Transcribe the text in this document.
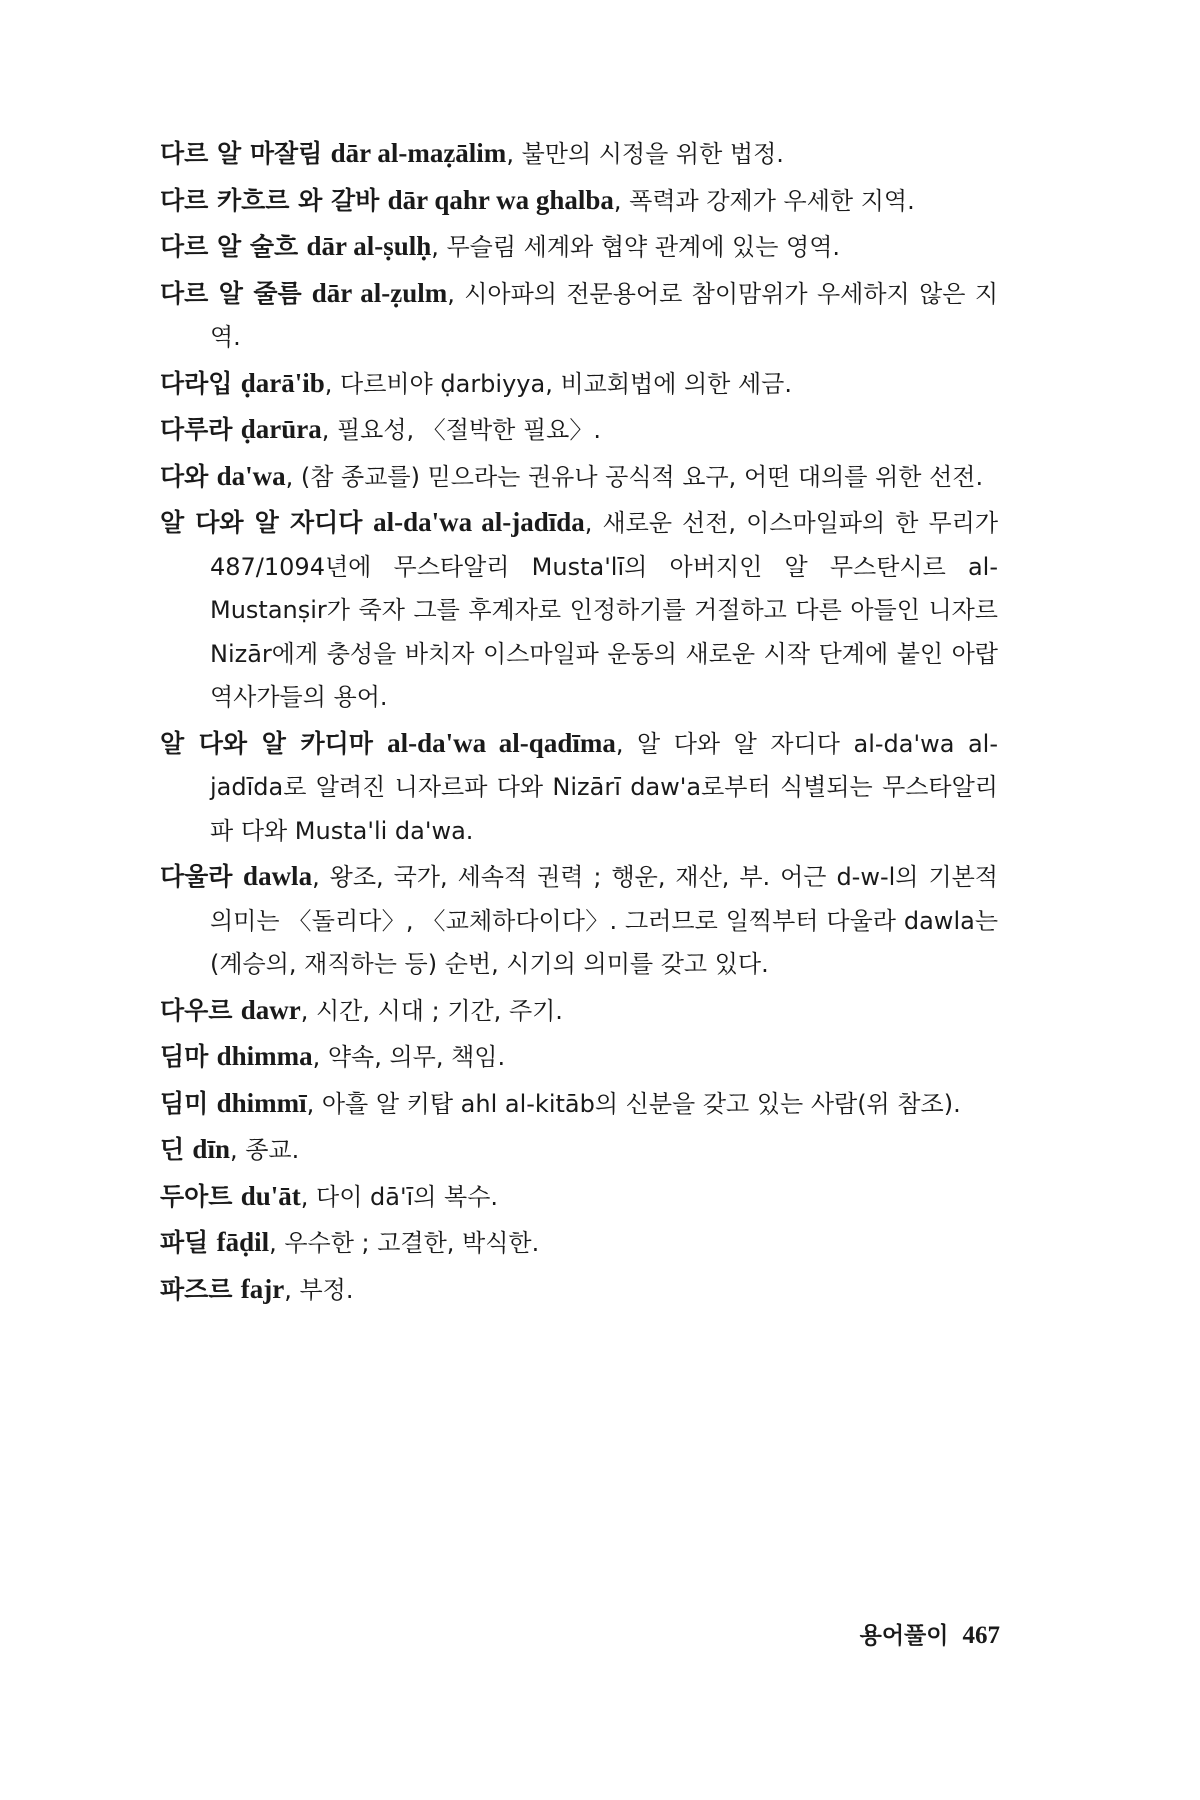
다르 알 마잘림 dār al-maẓālim, 불만의 시정을 위한 법정.

다르 카흐르 와 갈바 dār qahr wa ghalba, 폭력과 강제가 우세한 지역.

다르 알 술흐 dār al-ṣulḥ, 무슬림 세계와 협약 관계에 있는 영역.

다르 알 줄름 dār al-ẓulm, 시아파의 전문용어로 참이맘위가 우세하지 않은 지역.

다라입 ḍarā'ib, 다르비야 ḍarbiyya, 비교회법에 의한 세금.

다루라 ḍarūra, 필요성, 〈절박한 필요〉.

다와 da'wa, (참 종교를) 믿으라는 권유나 공식적 요구, 어떤 대의를 위한 선전.

알 다와 알 자디다 al-da'wa al-jadīda, 새로운 선전, 이스마일파의 한 무리가 487/1094년에 무스타알리 Musta'lī의 아버지인 알 무스탄시르 al-Mustanṣir가 죽자 그를 후계자로 인정하기를 거절하고 다른 아들인 니자르 Nizār에게 충성을 바치자 이스마일파 운동의 새로운 시작 단계에 붙인 아랍 역사가들의 용어.

알 다와 알 카디마 al-da'wa al-qadīma, 알 다와 알 자디다 al-da'wa al-jadīda로 알려진 니자르파 다와 Nizārī daw'a로부터 식별되는 무스타알리파 다와 Musta'li da'wa.

다울라 dawla, 왕조, 국가, 세속적 권력 ; 행운, 재산, 부. 어근 d-w-l의 기본적 의미는 〈돌리다〉, 〈교체하다이다〉. 그러므로 일찍부터 다울라 dawla는 (계승의, 재직하는 등) 순번, 시기의 의미를 갖고 있다.

다우르 dawr, 시간, 시대 ; 기간, 주기.

딤마 dhimma, 약속, 의무, 책임.

딤미 dhimmī, 아흘 알 키탑 ahl al-kitāb의 신분을 갖고 있는 사람(위 참조).

딘 dīn, 종교.

두아트 du'āt, 다이 dā'ī의 복수.

파딜 fāḍil, 우수한 ; 고결한, 박식한.

파즈르 fajr, 부정.

용어풀이 467
